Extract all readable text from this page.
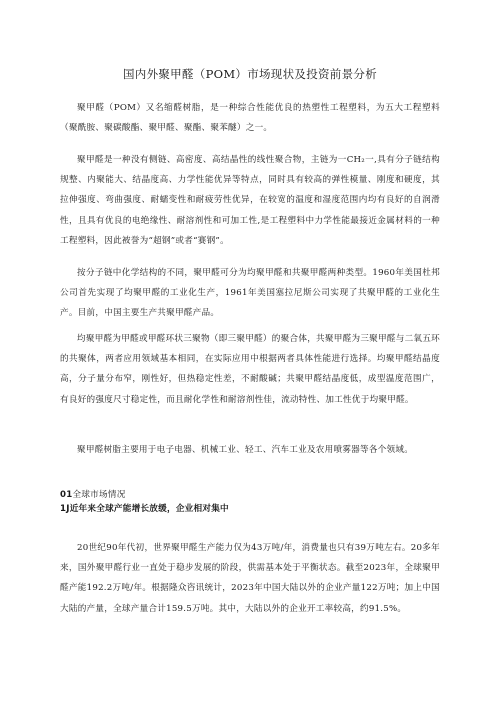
国内外聚甲醛（POM）市场现状及投资前景分析

聚甲醛（POM）又名缩醛树脂，是一种综合性能优良的热塑性工程塑料，为五大工程塑料（聚酰胺、聚碳酸酯、聚甲醛、聚酯、聚苯醚）之一。

聚甲醛是一种没有侧链、高密度、高结晶性的线性聚合物，主链为一CH₂一,具有分子链结构规整、内聚能大、结晶度高、力学性能优异等特点，同时具有较高的弹性模量、刚度和硬度，其拉伸强度、弯曲强度、耐蠕变性和耐疲劳性优异，在较宽的温度和湿度范围内均有良好的自润滑性，且具有优良的电绝缘性、耐溶剂性和可加工性,是工程塑料中力学性能最接近金属材料的一种工程塑料，因此被誉为“超钢”或者“赛钢”。

按分子链中化学结构的不同，聚甲醛可分为均聚甲醛和共聚甲醛两种类型。1960年美国杜邦公司首先实现了均聚甲醛的工业化生产，1961年美国塞拉尼斯公司实现了共聚甲醛的工业化生产。目前，中国主要生产共聚甲醛产品。

均聚甲醛为甲醛或甲醛环状三聚物（即三聚甲醛）的聚合体，共聚甲醛为三聚甲醛与二氧五环的共聚体，两者应用领域基本相同，在实际应用中根据两者具体性能进行选择。均聚甲醛结晶度高，分子量分布窄，刚性好，但热稳定性差，不耐酸碱；共聚甲醛结晶度低，成型温度范围广，有良好的强度尺寸稳定性，而且耐化学性和耐溶剂性佳，流动特性、加工性优于均聚甲醛。

聚甲醛树脂主要用于电子电器、机械工业、轻工、汽车工业及农用喷雾器等各个领域。

01全球市场情况
1J近年来全球产能增长放缓，企业相对集中

20世纪90年代初，世界聚甲醛生产能力仅为43万吨/年，消费量也只有39万吨左右。20多年来，国外聚甲醛行业一直处于稳步发展的阶段，供需基本处于平衡状态。截至2023年，全球聚甲醛产能192.2万吨/年。根据隆众咨讯统计，2023年中国大陆以外的企业产量122万吨；加上中国大陆的产量，全球产量合计159.5万吨。其中，大陆以外的企业开工率较高，约91.5%。
